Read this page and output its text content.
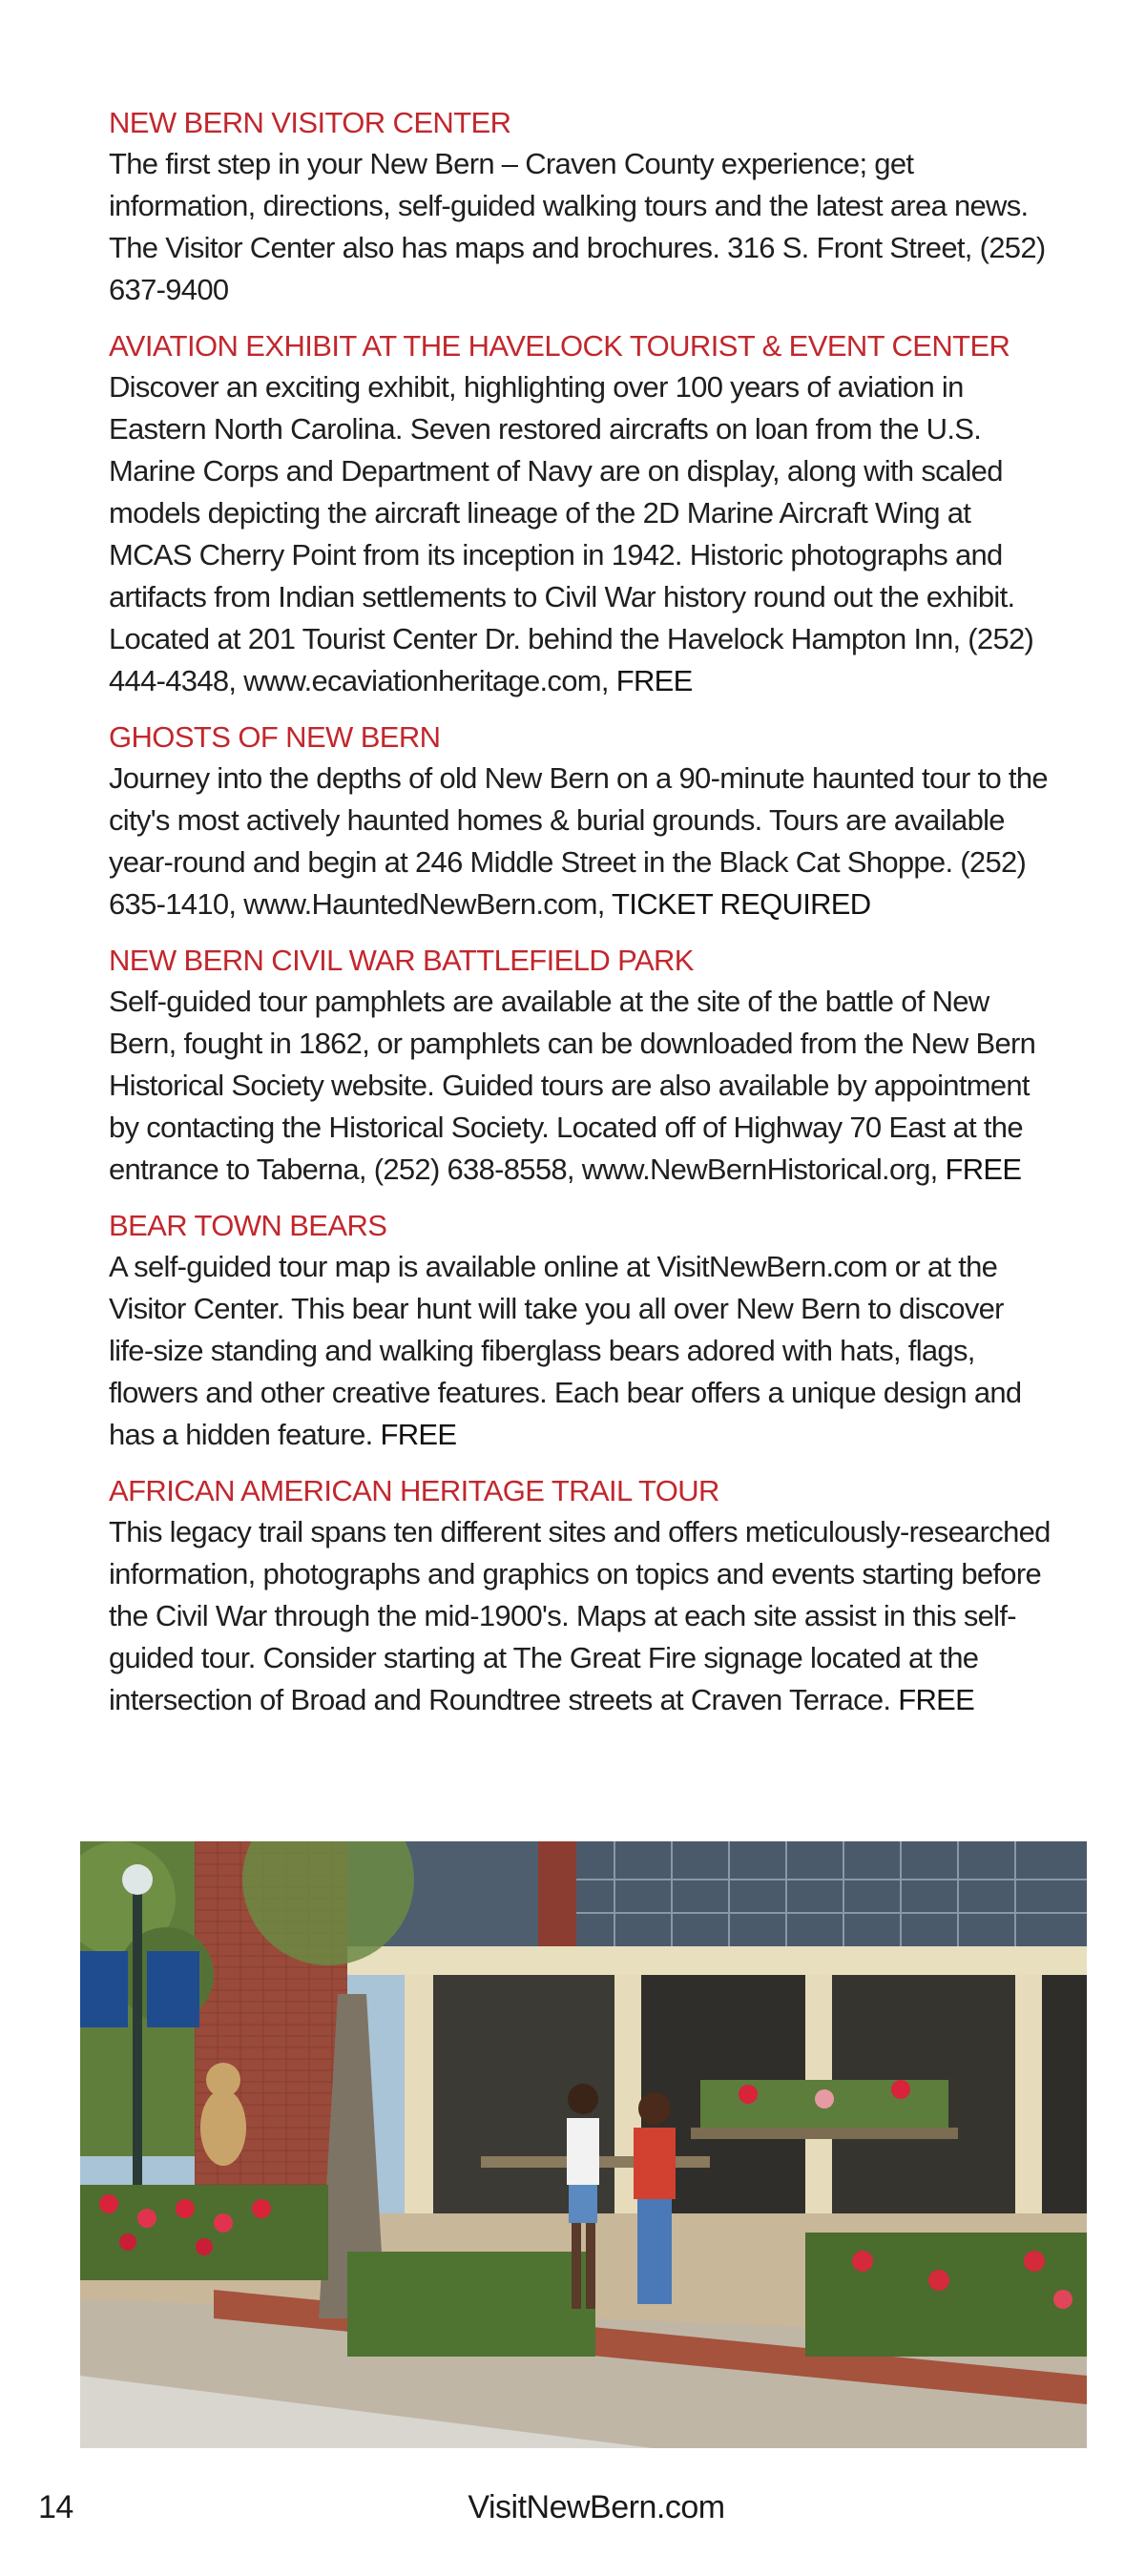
NEW BERN VISITOR CENTER

The first step in your New Bern – Craven County experience; get information, directions, self-guided walking tours and the latest area news. The Visitor Center also has maps and brochures. 316 S. Front Street, (252) 637-9400

AVIATION EXHIBIT AT THE HAVELOCK TOURIST & EVENT CENTER

Discover an exciting exhibit, highlighting over 100 years of aviation in Eastern North Carolina. Seven restored aircrafts on loan from the U.S. Marine Corps and Department of Navy are on display, along with scaled models depicting the aircraft lineage of the 2D Marine Aircraft Wing at MCAS Cherry Point from its inception in 1942. Historic photographs and artifacts from Indian settlements to Civil War history round out the exhibit. Located at 201 Tourist Center Dr. behind the Havelock Hampton Inn, (252) 444-4348, www.ecaviationheritage.com, FREE

GHOSTS OF NEW BERN

Journey into the depths of old New Bern on a 90-minute haunted tour to the city's most actively haunted homes & burial grounds. Tours are available year-round and begin at 246 Middle Street in the Black Cat Shoppe. (252) 635-1410, www.HauntedNewBern.com, TICKET REQUIRED

NEW BERN CIVIL WAR BATTLEFIELD PARK

Self-guided tour pamphlets are available at the site of the battle of New Bern, fought in 1862, or pamphlets can be downloaded from the New Bern Historical Society website. Guided tours are also available by appointment by contacting the Historical Society. Located off of Highway 70 East at the entrance to Taberna, (252) 638-8558, www.NewBernHistorical.org, FREE

BEAR TOWN BEARS

A self-guided tour map is available online at VisitNewBern.com or at the Visitor Center. This bear hunt will take you all over New Bern to discover life-size standing and walking fiberglass bears adored with hats, flags, flowers and other creative features. Each bear offers a unique design and has a hidden feature. FREE

AFRICAN AMERICAN HERITAGE TRAIL TOUR

This legacy trail spans ten different sites and offers meticulously-researched information, photographs and graphics on topics and events starting before the Civil War through the mid-1900's. Maps at each site assist in this self-guided tour. Consider starting at The Great Fire signage located at the intersection of Broad and Roundtree streets at Craven Terrace. FREE

14	VisitNewBern.com
